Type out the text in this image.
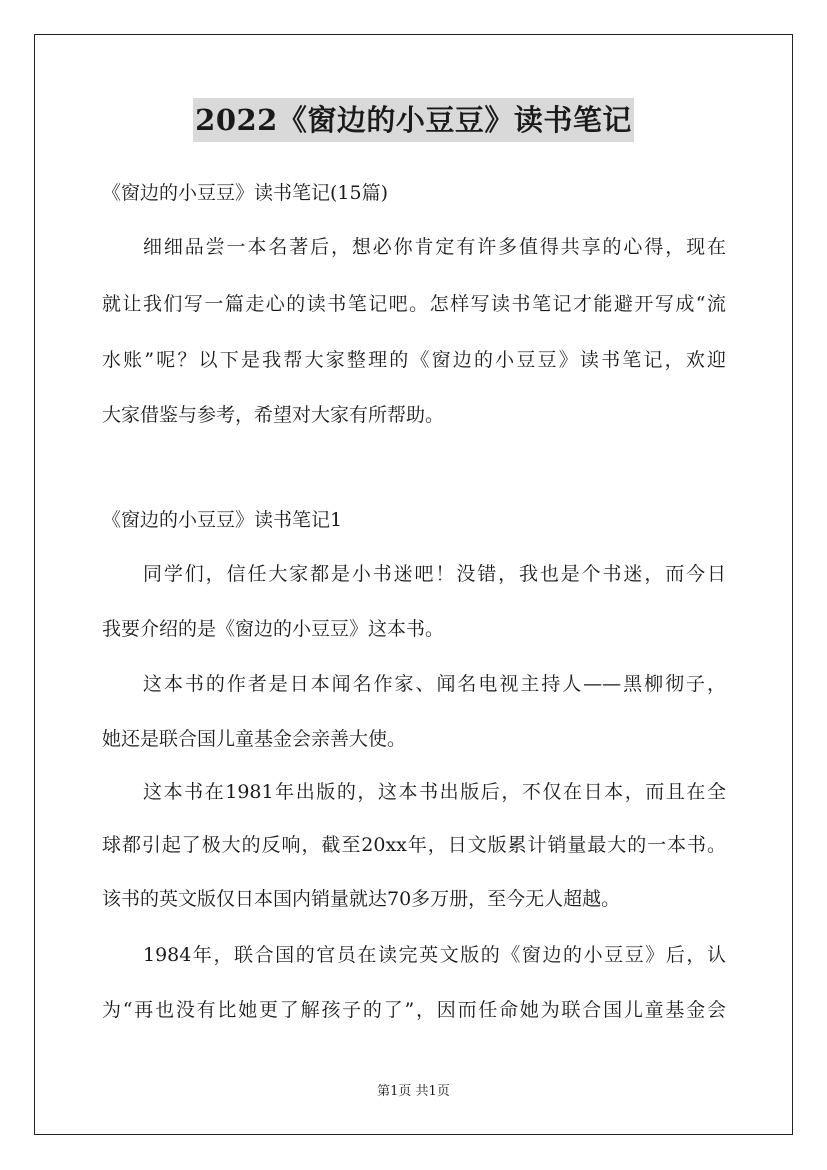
2022《窗边的小豆豆》读书笔记
《窗边的小豆豆》读书笔记(15篇)
细细品尝一本名著后，想必你肯定有许多值得共享的心得，现在
就让我们写一篇走心的读书笔记吧。怎样写读书笔记才能避开写成“流
水账”呢？以下是我帮大家整理的《窗边的小豆豆》读书笔记，欢迎
大家借鉴与参考，希望对大家有所帮助。
《窗边的小豆豆》读书笔记1
同学们，信任大家都是小书迷吧！没错，我也是个书迷，而今日
我要介绍的是《窗边的小豆豆》这本书。
这本书的作者是日本闻名作家、闻名电视主持人——黑柳彻子，
她还是联合国儿童基金会亲善大使。
这本书在1981年出版的，这本书出版后，不仅在日本，而且在全
球都引起了极大的反响，截至20xx年，日文版累计销量最大的一本书。
该书的英文版仅日本国内销量就达70多万册，至今无人超越。
1984年，联合国的官员在读完英文版的《窗边的小豆豆》后，认
为“再也没有比她更了解孩子的了”，因而任命她为联合国儿童基金会
第1页 共1页
